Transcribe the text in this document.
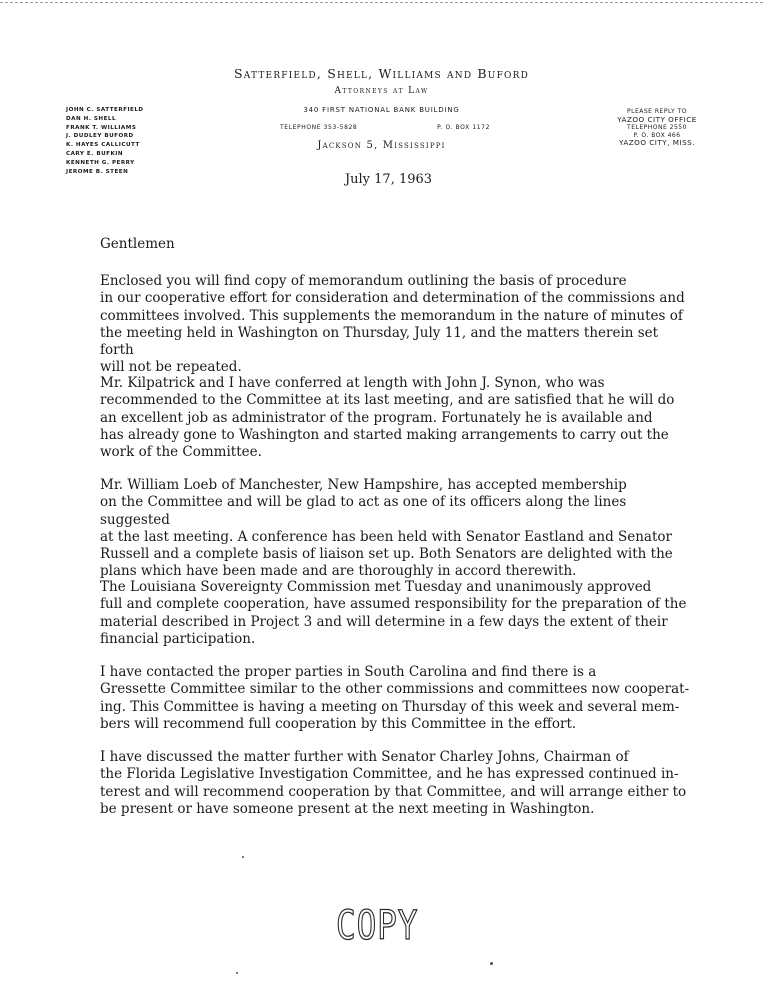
Satterfield, Shell, Williams and Buford
Attorneys at Law
340 FIRST NATIONAL BANK BUILDING
TELEPHONE 353-5828	P. O. BOX 1172
Jackson 5, Mississippi
JOHN C. SATTERFIELD
DAN H. SHELL
FRANK T. WILLIAMS
J. DUDLEY BUFORD
K. HAYES CALLICUTT
CARY E. BUFKIN
KENNETH G. PERRY
JEROME B. STEEN
PLEASE REPLY TO
YAZOO CITY OFFICE
TELEPHONE 2550
P. O. BOX 466
YAZOO CITY, MISS.
July 17, 1963
Gentlemen
Enclosed you will find copy of memorandum outlining the basis of procedure
in our cooperative effort for consideration and determination of the commissions and
committees involved. This supplements the memorandum in the nature of minutes of
the meeting held in Washington on Thursday, July 11, and the matters therein set forth
will not be repeated.
Mr. Kilpatrick and I have conferred at length with John J. Synon, who was
recommended to the Committee at its last meeting, and are satisfied that he will do
an excellent job as administrator of the program. Fortunately he is available and
has already gone to Washington and started making arrangements to carry out the
work of the Committee.
Mr. William Loeb of Manchester, New Hampshire, has accepted membership
on the Committee and will be glad to act as one of its officers along the lines suggested
at the last meeting. A conference has been held with Senator Eastland and Senator
Russell and a complete basis of liaison set up. Both Senators are delighted with the
plans which have been made and are thoroughly in accord therewith.
The Louisiana Sovereignty Commission met Tuesday and unanimously approved
full and complete cooperation, have assumed responsibility for the preparation of the
material described in Project 3 and will determine in a few days the extent of their
financial participation.
I have contacted the proper parties in South Carolina and find there is a
Gressette Committee similar to the other commissions and committees now cooperat-
ing. This Committee is having a meeting on Thursday of this week and several mem-
bers will recommend full cooperation by this Committee in the effort.
I have discussed the matter further with Senator Charley Johns, Chairman of
the Florida Legislative Investigation Committee, and he has expressed continued in-
terest and will recommend cooperation by that Committee, and will arrange either to
be present or have someone present at the next meeting in Washington.
COPY
